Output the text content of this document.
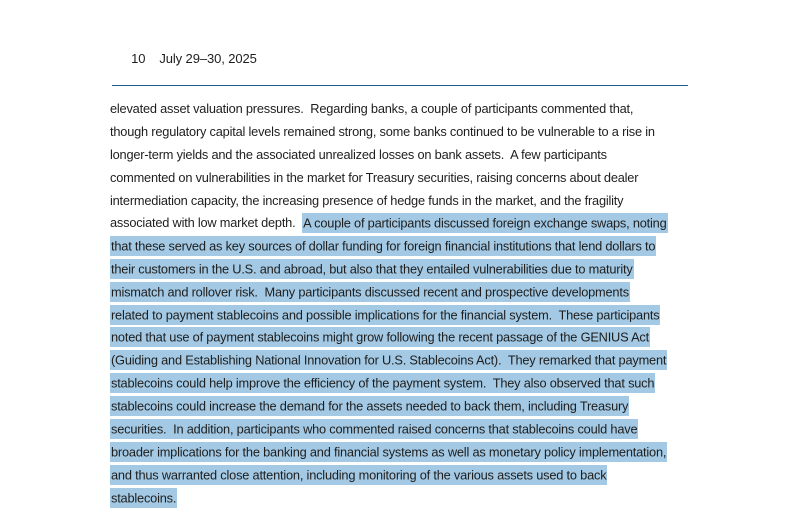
10 July 29–30, 2025

elevated asset valuation pressures.  Regarding banks, a couple of participants commented that,
though regulatory capital levels remained strong, some banks continued to be vulnerable to a rise in
longer-term yields and the associated unrealized losses on bank assets.  A few participants
commented on vulnerabilities in the market for Treasury securities, raising concerns about dealer
intermediation capacity, the increasing presence of hedge funds in the market, and the fragility
associated with low market depth.  A couple of participants discussed foreign exchange swaps, noting
that these served as key sources of dollar funding for foreign financial institutions that lend dollars to
their customers in the U.S. and abroad, but also that they entailed vulnerabilities due to maturity
mismatch and rollover risk.  Many participants discussed recent and prospective developments
related to payment stablecoins and possible implications for the financial system.  These participants
noted that use of payment stablecoins might grow following the recent passage of the GENIUS Act
(Guiding and Establishing National Innovation for U.S. Stablecoins Act).  They remarked that payment
stablecoins could help improve the efficiency of the payment system.  They also observed that such
stablecoins could increase the demand for the assets needed to back them, including Treasury
securities.  In addition, participants who commented raised concerns that stablecoins could have
broader implications for the banking and financial systems as well as monetary policy implementation,
and thus warranted close attention, including monitoring of the various assets used to back
stablecoins.
